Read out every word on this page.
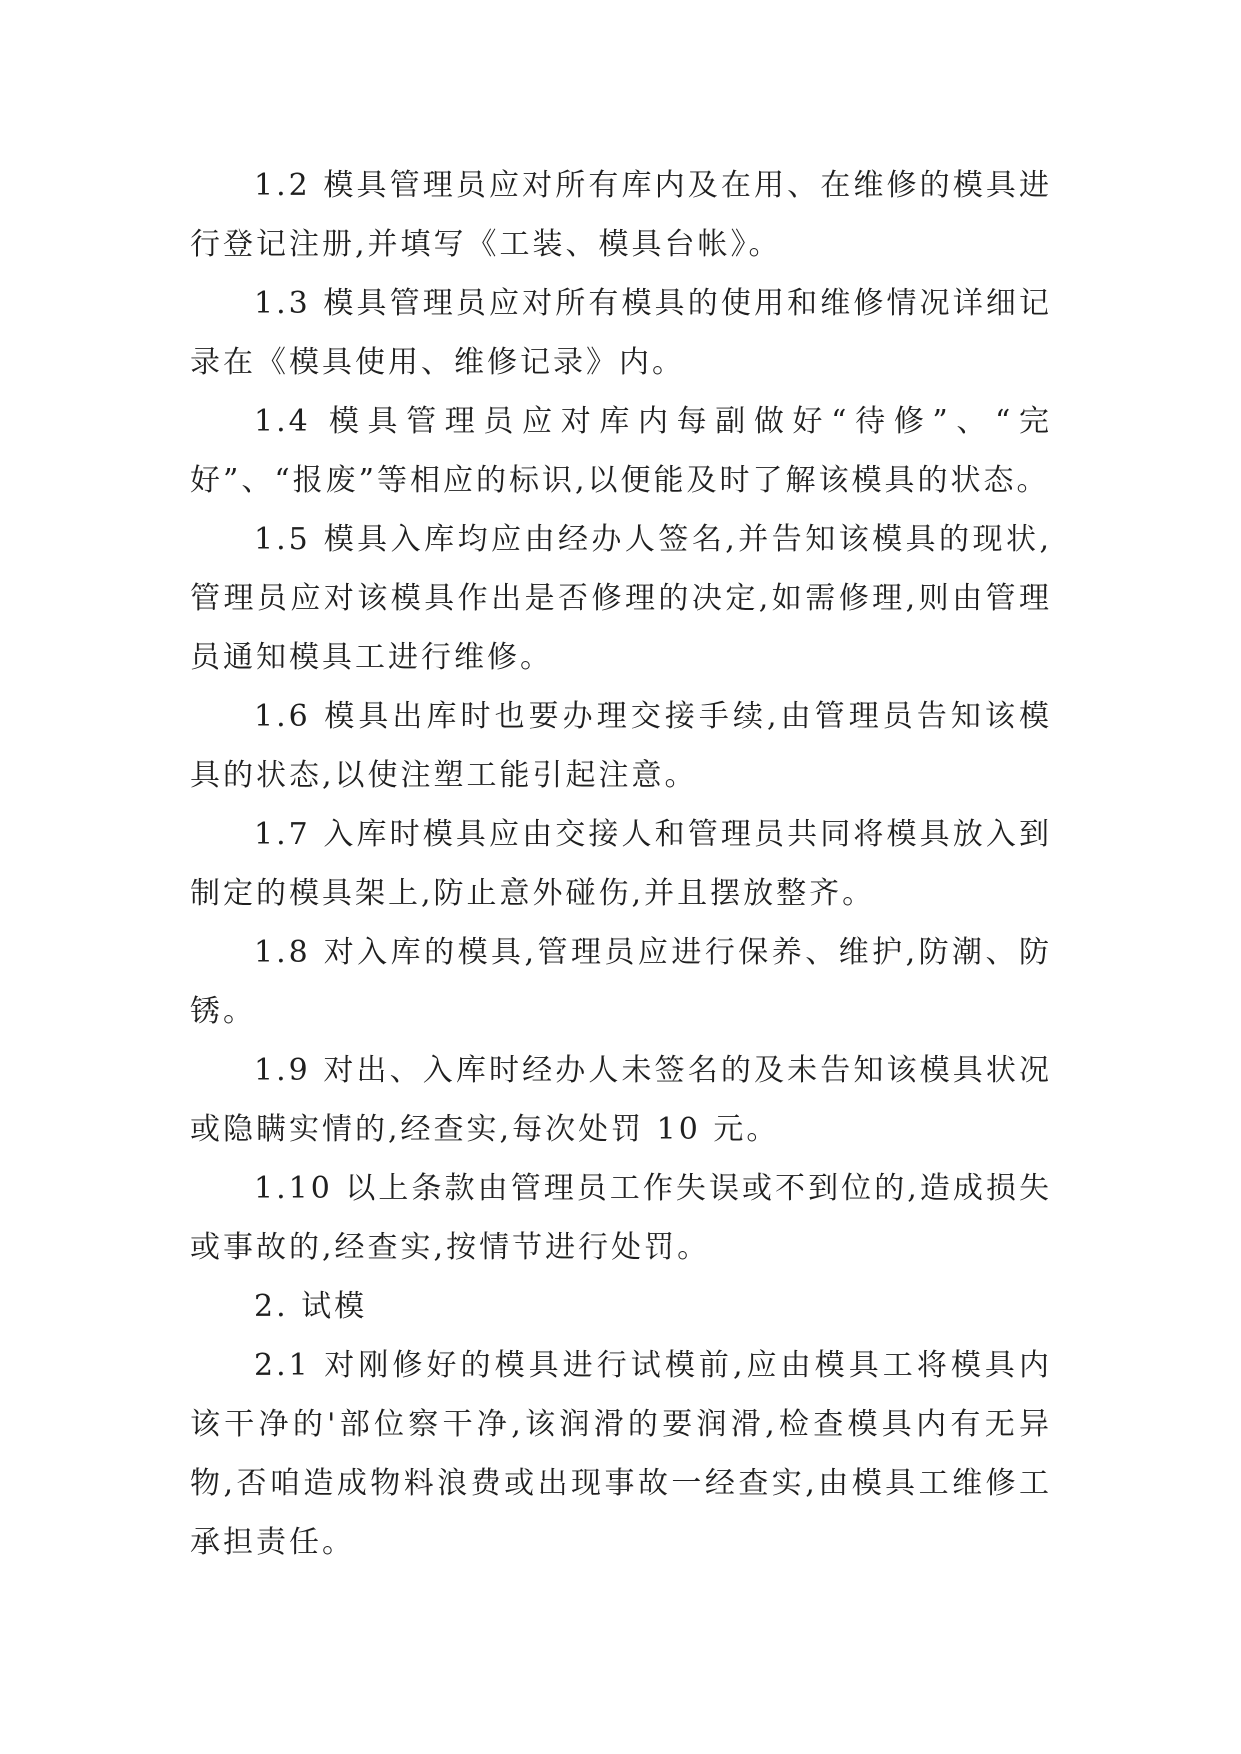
1.2 模具管理员应对所有库内及在用、在维修的模具进行登记注册,并填写《工装、模具台帐》。

1.3 模具管理员应对所有模具的使用和维修情况详细记录在《模具使用、维修记录》内。

1.4 模具管理员应对库内每副做好“待修”、“完好”、“报废”等相应的标识,以便能及时了解该模具的状态。

1.5 模具入库均应由经办人签名,并告知该模具的现状,管理员应对该模具作出是否修理的决定,如需修理,则由管理员通知模具工进行维修。

1.6 模具出库时也要办理交接手续,由管理员告知该模具的状态,以使注塑工能引起注意。

1.7 入库时模具应由交接人和管理员共同将模具放入到制定的模具架上,防止意外碰伤,并且摆放整齐。

1.8 对入库的模具,管理员应进行保养、维护,防潮、防锈。

1.9 对出、入库时经办人未签名的及未告知该模具状况或隐瞒实情的,经查实,每次处罚 10 元。

1.10 以上条款由管理员工作失误或不到位的,造成损失或事故的,经查实,按情节进行处罚。

2. 试模

2.1 对刚修好的模具进行试模前,应由模具工将模具内该干净的'部位察干净,该润滑的要润滑,检查模具内有无异物,否咱造成物料浪费或出现事故一经查实,由模具工维修工承担责任。
